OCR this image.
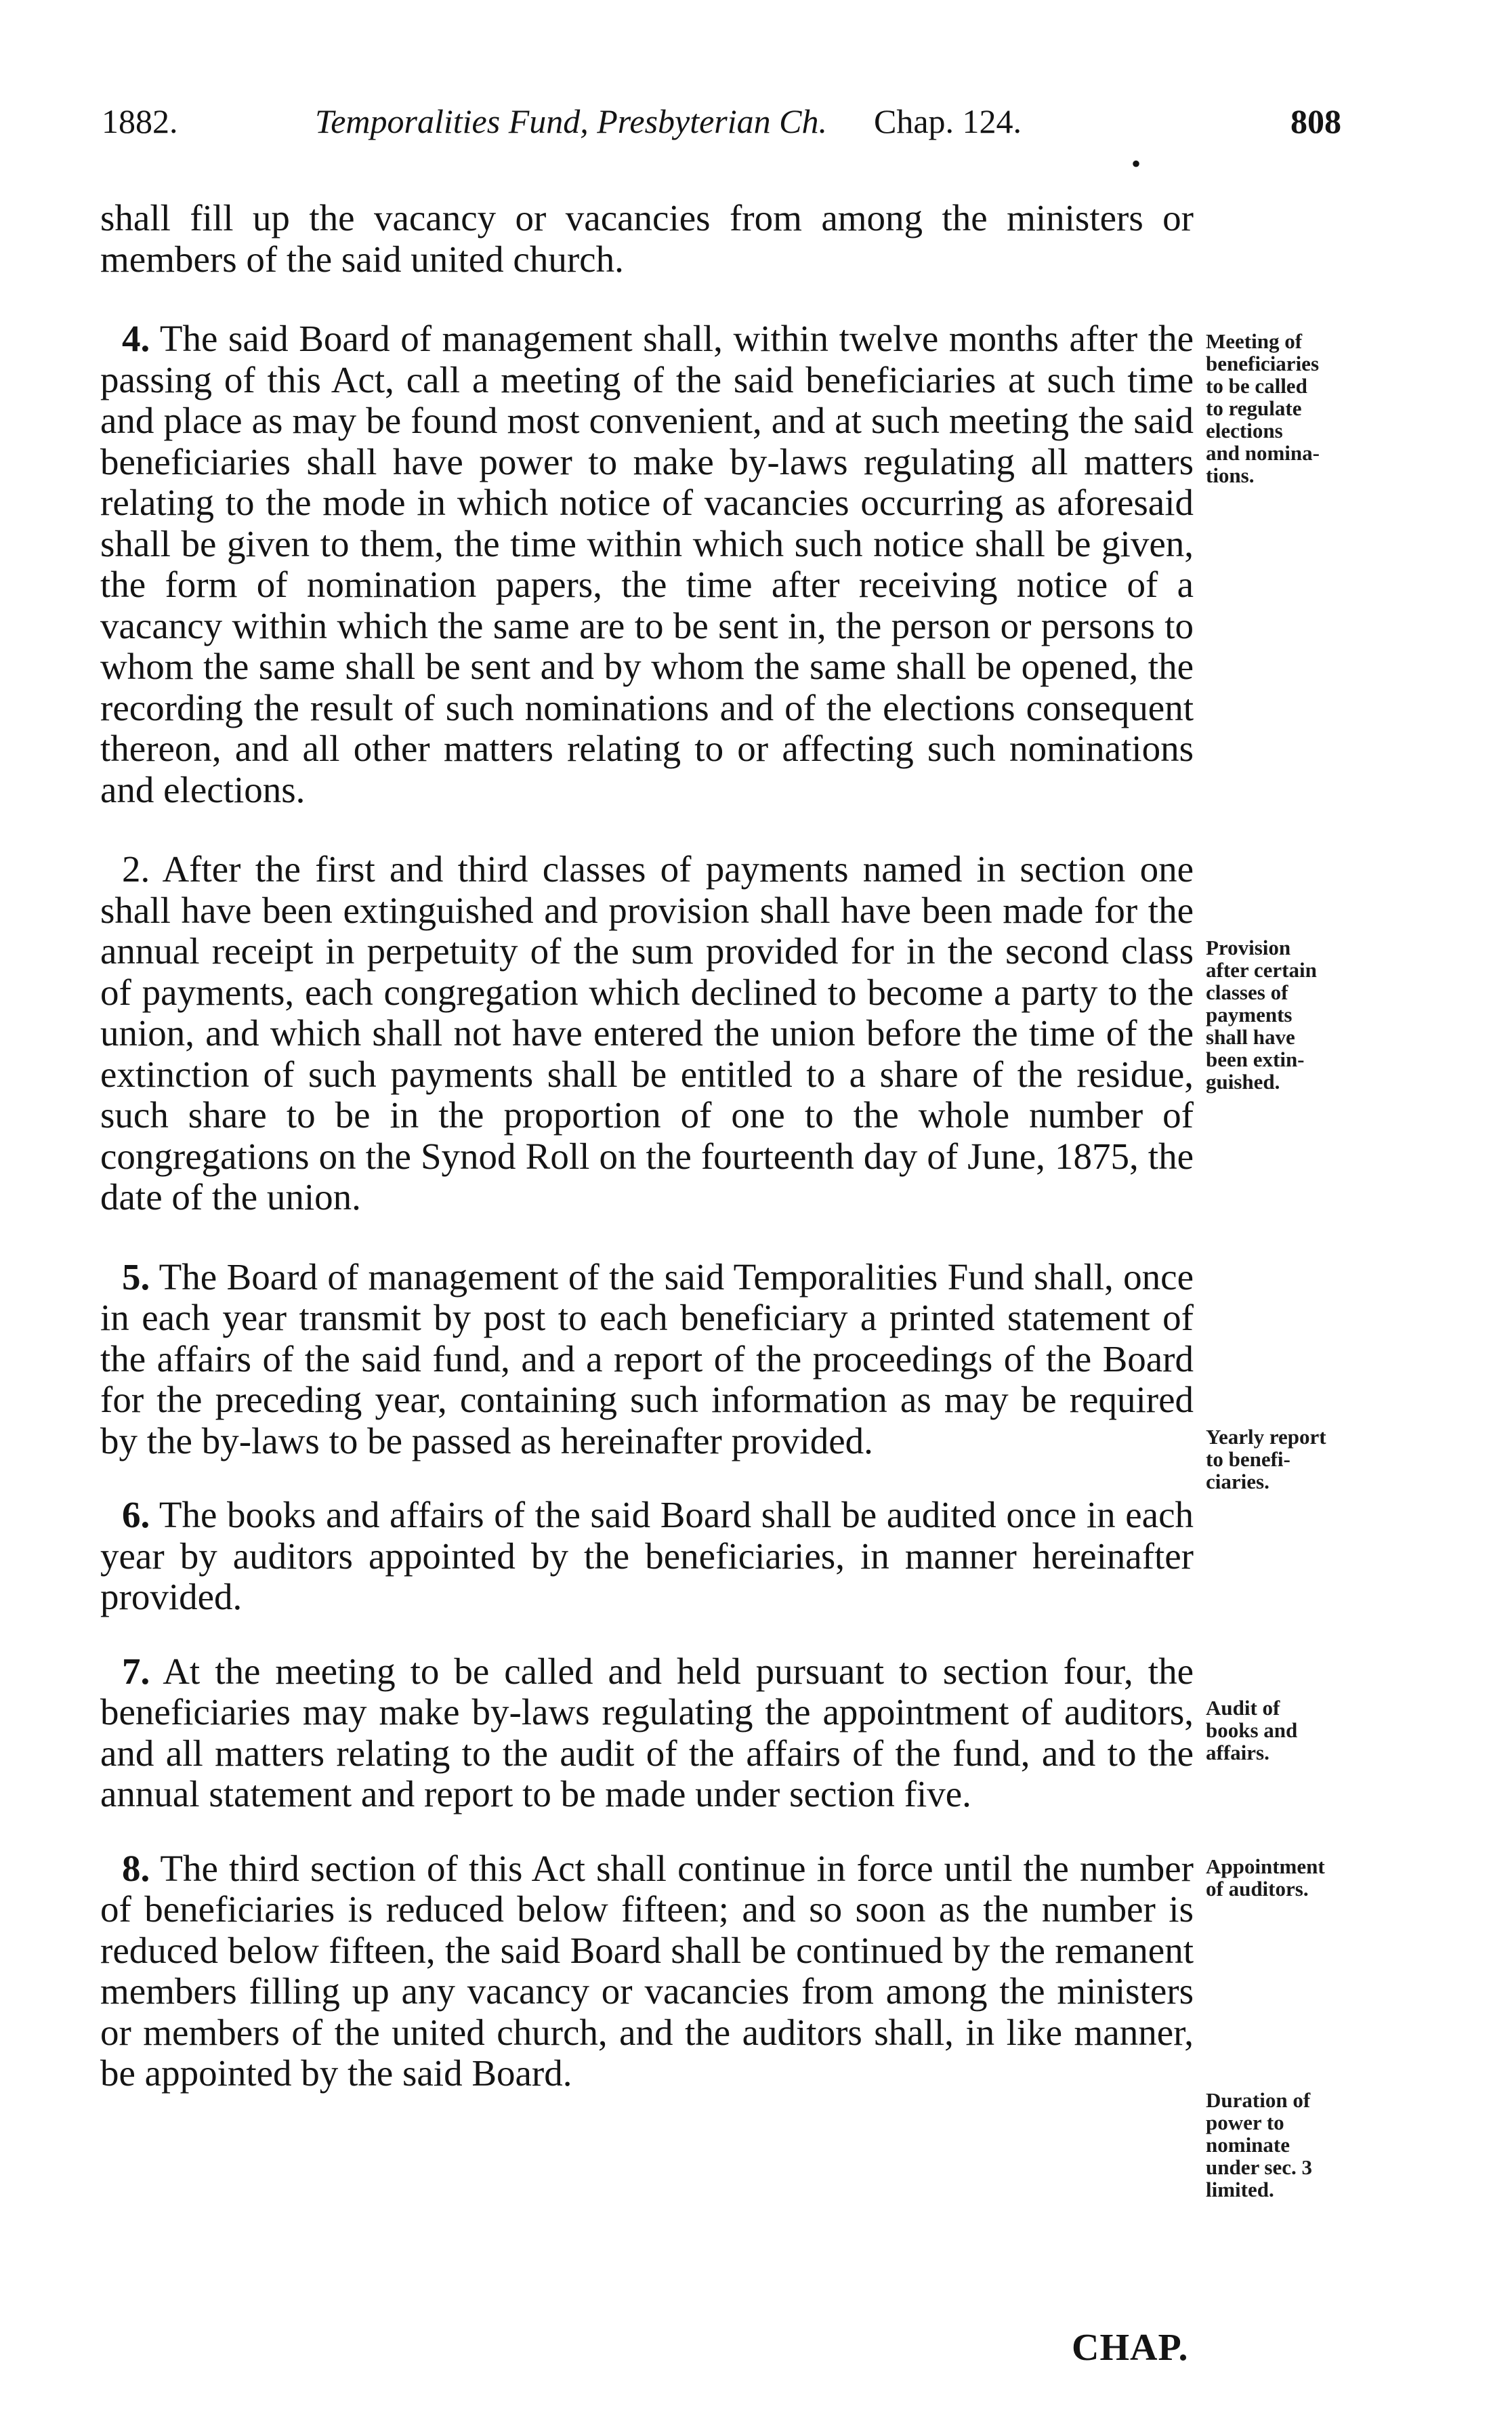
1882.	Temporalities Fund, Presbyterian Ch. Chap. 124.	808
•

shall fill up the vacancy or vacancies from among the ministers or members of the said united church.

4. The said Board of management shall, within twelve months after the passing of this Act, call a meeting of the said beneficiaries at such time and place as may be found most convenient, and at such meeting the said beneficiaries shall have power to make by-laws regulating all matters relating to the mode in which notice of vacancies occurring as aforesaid shall be given to them, the time within which such notice shall be given, the form of nomination papers, the time after receiving notice of a vacancy within which the same are to be sent in, the person or persons to whom the same shall be sent and by whom the same shall be opened, the recording the result of such nominations and of the elections consequent thereon, and all other matters relating to or affecting such nominations and elections.

2. After the first and third classes of payments named in section one shall have been extinguished and provision shall have been made for the annual receipt in perpetuity of the sum provided for in the second class of payments, each congregation which declined to become a party to the union, and which shall not have entered the union before the time of the extinction of such payments shall be entitled to a share of the residue, such share to be in the proportion of one to the whole number of congregations on the Synod Roll on the fourteenth day of June, 1875, the date of the union.

5. The Board of management of the said Temporalities Fund shall, once in each year transmit by post to each beneficiary a printed statement of the affairs of the said fund, and a report of the proceedings of the Board for the preceding year, containing such information as may be required by the by-laws to be passed as hereinafter provided.

6. The books and affairs of the said Board shall be audited once in each year by auditors appointed by the beneficiaries, in manner hereinafter provided.

7. At the meeting to be called and held pursuant to section four, the beneficiaries may make by-laws regulating the appointment of auditors, and all matters relating to the audit of the affairs of the fund, and to the annual statement and report to be made under section five.

8. The third section of this Act shall continue in force until the number of beneficiaries is reduced below fifteen; and so soon as the number is reduced below fifteen, the said Board shall be continued by the remanent members filling up any vacancy or vacancies from among the ministers or members of the united church, and the auditors shall, in like manner, be appointed by the said Board.

Meeting of
beneficiaries
to be called
to regulate
elections
and nomina-
tions.
Provision
after certain
classes of
payments
shall have
been extin-
guished.
Yearly report
to benefi-
ciaries.
Audit of
books and
affairs.
Appointment
of auditors.
Duration of
power to
nominate
under sec. 3
limited.
CHAP.
